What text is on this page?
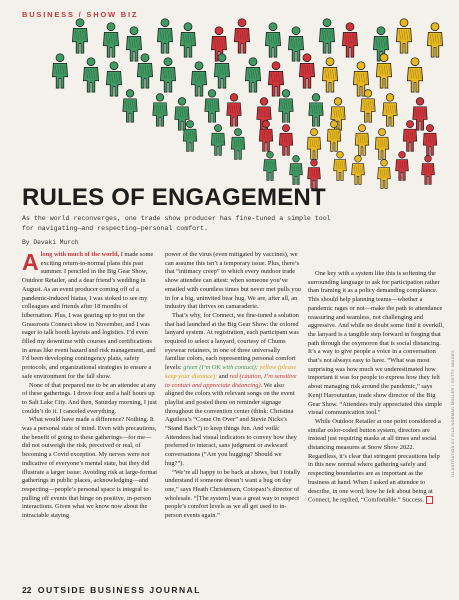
BUSINESS / SHOW BIZ
RULES OF ENGAGEMENT
As the world reconverges, one trade show producer has fine-tuned a simple tool for navigating—and respecting—personal comfort.
By Devaki Murch

Along with much of the world, I made some exciting return-to-normal plans this past summer. I penciled in the Big Gear Show, Outdoor Retailer, and a dear friend’s wedding in August. As an event producer coming off of a pandemic-induced hiatus, I was stoked to see my colleagues and friends after 18 months of hibernation. Plus, I was gearing up to put on the Grassroots Connect show in November, and I was eager to talk booth layouts and logistics. I’d even filled my downtime with courses and certifications in areas like event hazard and risk management, and I’d been developing contingency plans, safety protocols, and organizational strategies to ensure a safe environment for the fall show.

None of that prepared me to be an attendee at any of these gatherings. I drove four and a half hours up to Salt Lake City. And then, Saturday morning, I just couldn’t do it. I canceled everything.

What would have made a difference? Nothing. It was a personal state of mind. Even with precautions, the benefit of going to these gatherings—for me—did not outweigh the risk, perceived or real, of becoming a Covid exception. My nerves were not indicative of everyone’s mental state, but they did illustrate a larger issue: Avoiding risk at large-format gatherings in public places, acknowledging—and respecting—people’s personal space is integral to pulling off events that hinge on positive, in-person interactions. Given what we know now about the intractable staying

power of the virus (even mitigated by vaccines), we can assume this isn’t a temporary issue. Plus, there’s that “intimacy creep” to which every outdoor trade show attendee can attest: when someone you’ve emailed with countless times but never met pulls you in for a big, uninvited bear hug. We are, after all, an industry that thrives on camaraderie.

That’s why, for Connect, we fine-tuned a solution that had launched at the Big Gear Show: the colored lanyard system. At registration, each participant was required to select a lanyard, courtesy of Chums eyewear retainers, in one of three universally familiar colors, each representing personal comfort levels: green (I’m OK with contact); yellow (please keep your distance); and red (caution, I’m sensitive to contact and appreciate distancing). We also aligned the colors with relevant songs on the event playlist and posted them on reminder signage throughout the convention center (think: Christina Aguilera’s “Come On Over” and Stevie Nicks’s “Stand Back”) to keep things fun. And voilà: Attendees had visual indicators to convey how they preferred to interact, sans judgment or awkward conversations (“Are you hugging? Should we hug?”).

“We’re all happy to be back at shows, but I totally understand if someone doesn’t want a hug on day one,” says Heath Christensen, Cotopaxi’s director of wholesale. “[The system] was a great way to respect people’s comfort levels as we all get used to in-person events again.”

One key with a system like this is softening the surrounding language to ask for participation rather than framing it as a policy demanding compliance. This should help planning teams—whether a pandemic rages or not—make the path to attendance reassuring and seamless, not challenging and aggressive. And while no doubt some find it overkill, the lanyard is a tangible step forward in forging that path through the oxymoron that is social distancing. It’s a way to give people a voice in a conversation that’s not always easy to have. “What was most surprising was how much we underestimated how important it was for people to express how they felt about managing risk around the pandemic,” says Kenji Haroutunian, trade show director of the Big Gear Show. “Attendees truly appreciated this simple visual communication tool.”

While Outdoor Retailer at one point considered a similar color-coded button system, directors are instead just requiring masks at all times and social distancing measures at Snow Show 2022. Regardless, it’s clear that stringent precautions help in this new normal where gathering safely and respecting boundaries are as important as the business at hand. When I asked an attendee to describe, in one word, how he felt about being at Connect, he replied, “Comfortable.” Success.

ILLUSTRATION BY EILA NORMAN MÜLLER / GETTY IMAGES
22 OUTSIDE BUSINESS JOURNAL
